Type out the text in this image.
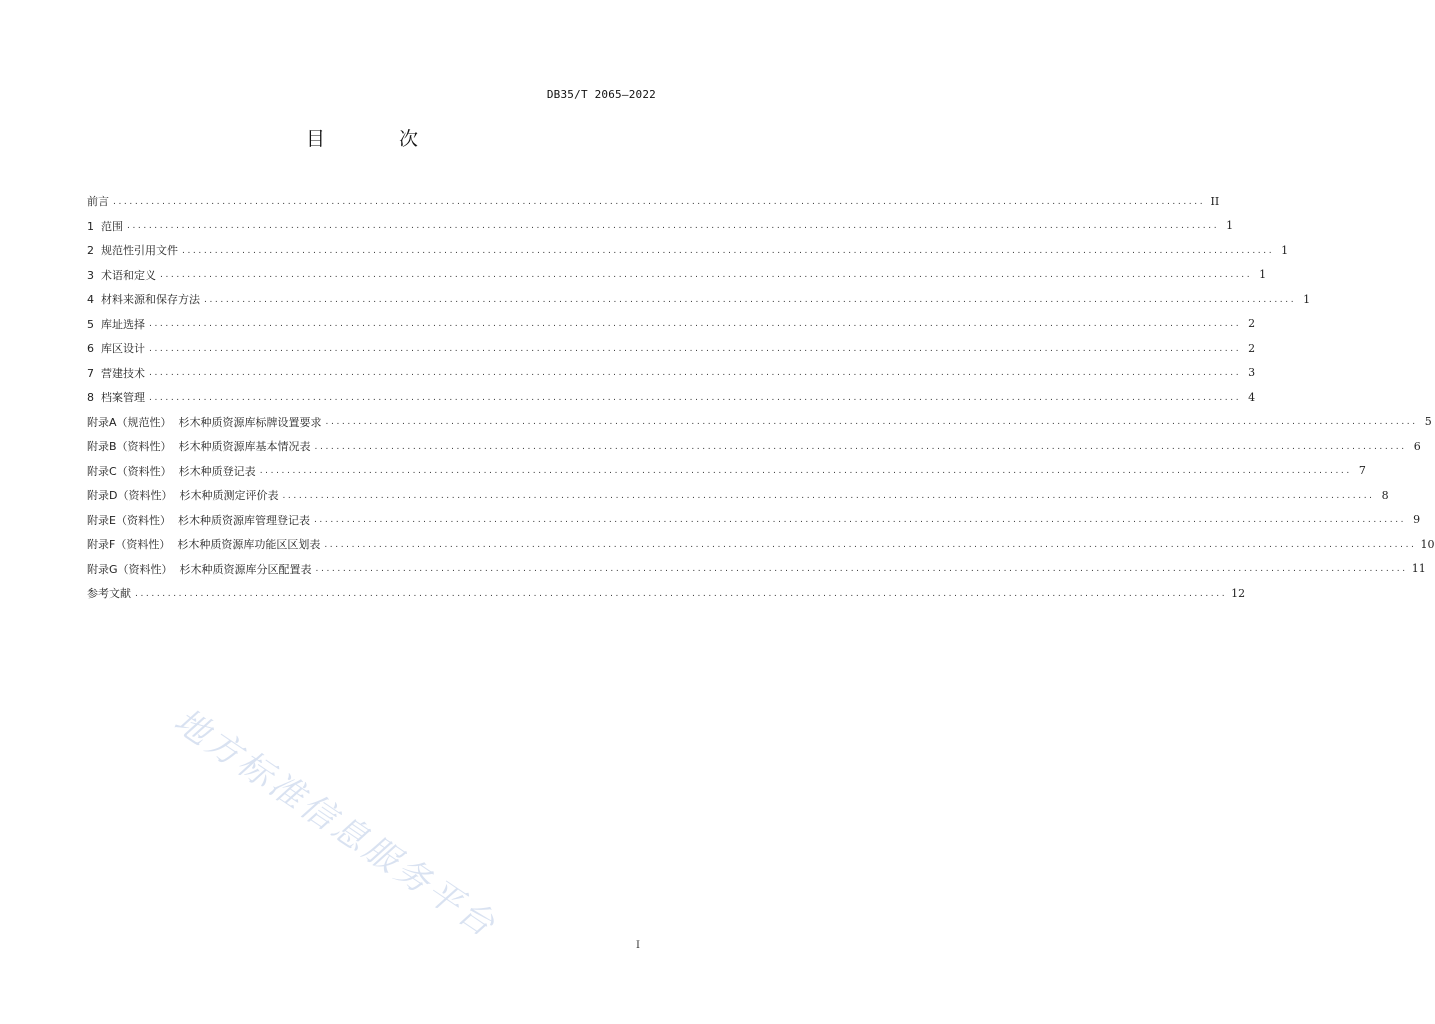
DB35/T 2065—2022
目 次
前言 ........................................................................................................................................................................................................ II
1  范围 ........................................................................................................................................................................................................ 1
2  规范性引用文件 ........................................................................................................................................................................................................ 1
3  术语和定义 ........................................................................................................................................................................................................ 1
4  材料来源和保存方法 ........................................................................................................................................................................................................ 1
5  库址选择 ........................................................................................................................................................................................................ 2
6  库区设计 ........................................................................................................................................................................................................ 2
7  营建技术 ........................................................................................................................................................................................................ 3
8  档案管理 ........................................................................................................................................................................................................ 4
附录A（规范性）  杉木种质资源库标牌设置要求 ........................................................................................................................................................................................................ 5
附录B（资料性）  杉木种质资源库基本情况表 ........................................................................................................................................................................................................ 6
附录C（资料性）  杉木种质登记表 ........................................................................................................................................................................................................ 7
附录D（资料性）  杉木种质测定评价表 ........................................................................................................................................................................................................ 8
附录E（资料性）  杉木种质资源库管理登记表 ........................................................................................................................................................................................................ 9
附录F（资料性）  杉木种质资源库功能区区划表 ........................................................................................................................................................................................................ 10
附录G（资料性）  杉木种质资源库分区配置表 ........................................................................................................................................................................................................ 11
参考文献 ........................................................................................................................................................................................................ 12
地方标准信息服务平台	I
